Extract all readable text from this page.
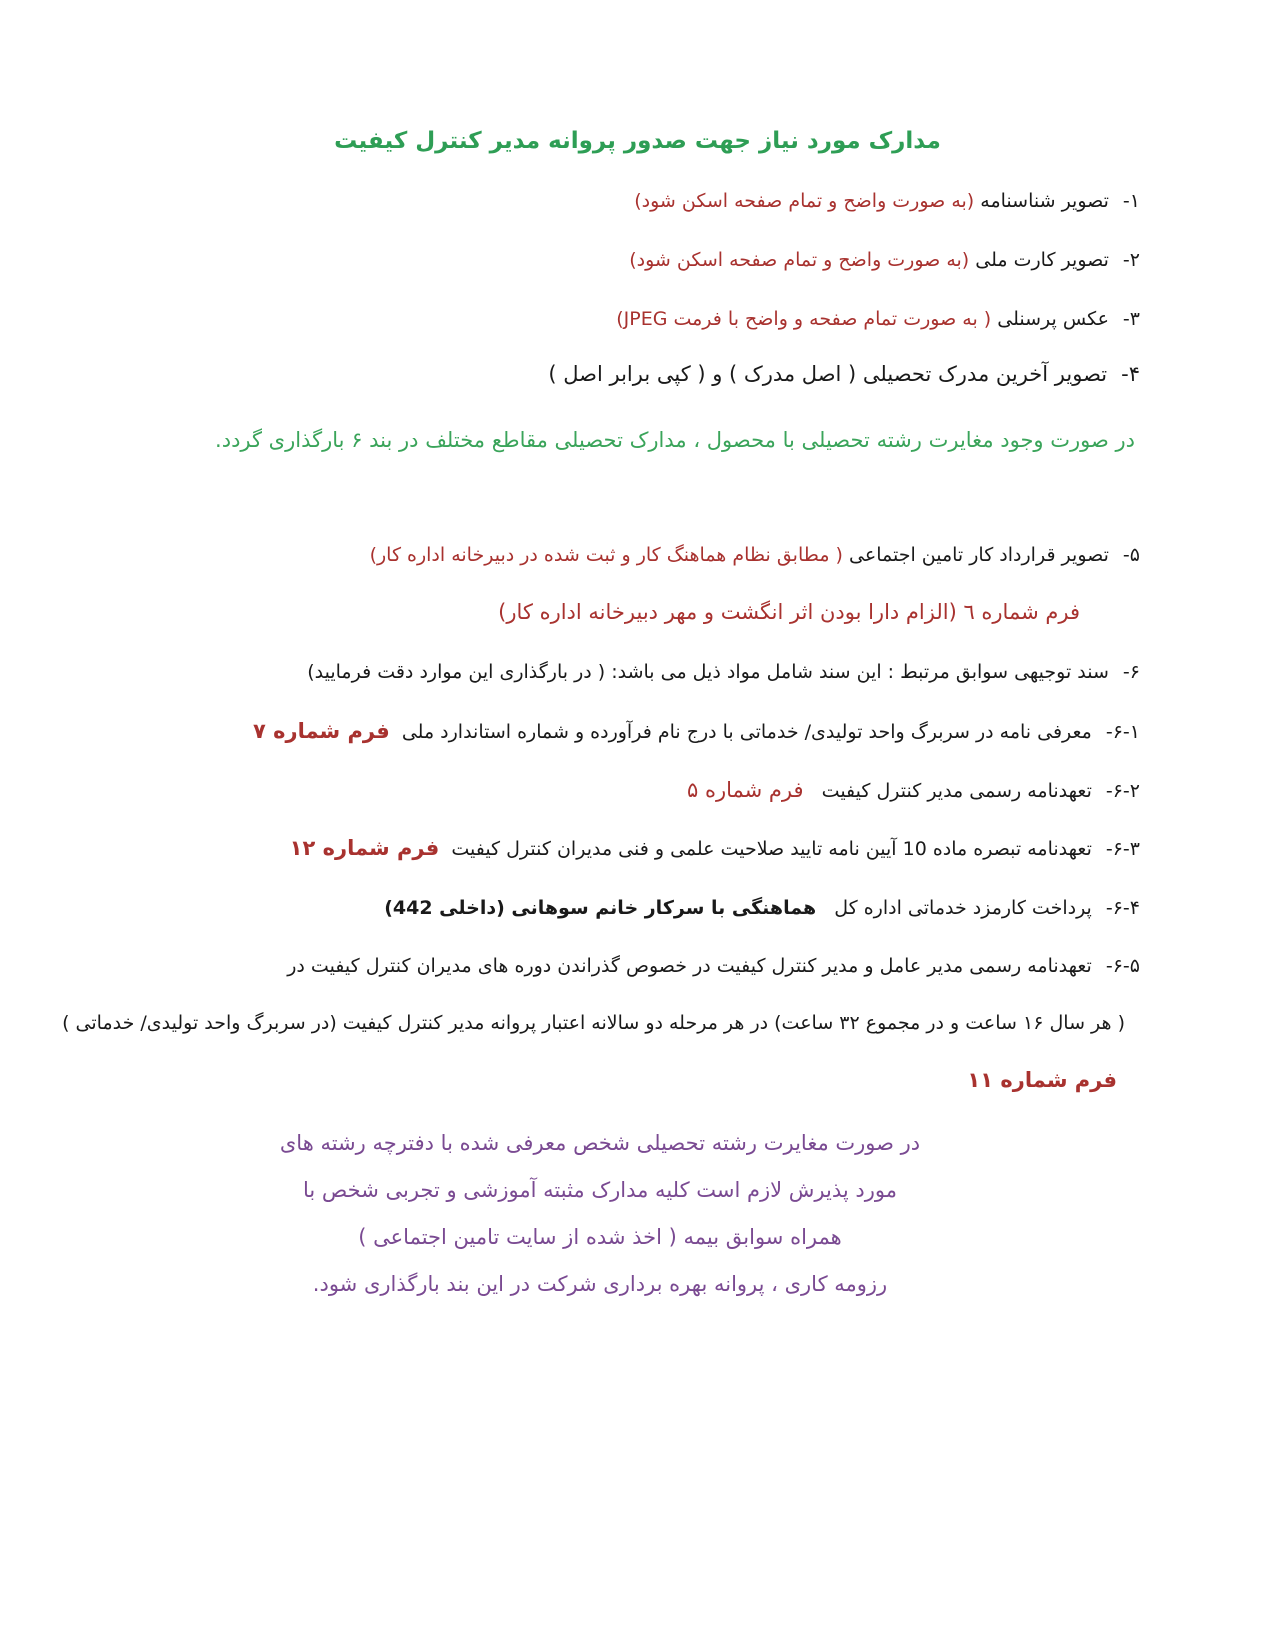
مدارک مورد نیاز جهت صدور پروانه مدیر کنترل کیفیت
۱-تصویر شناسنامه (به صورت واضح و تمام صفحه اسکن شود)
۲-تصویر کارت ملی (به صورت واضح و تمام صفحه اسکن شود)
۳-عکس پرسنلی ( به صورت تمام صفحه و واضح با فرمت JPEG)
۴-تصویر آخرین مدرک تحصیلی ( اصل مدرک ) و ( کپی برابر اصل )
در صورت وجود مغایرت رشته تحصیلی با محصول ، مدارک تحصیلی مقاطع مختلف در بند ۶ بارگذاری گردد.
۵-تصویر قرارداد کار تامین اجتماعی ( مطابق نظام هماهنگ کار و ثبت شده در دبیرخانه اداره کار)
فرم شماره ٦ (الزام دارا بودن اثر انگشت و مهر دبیرخانه اداره کار)
۶-سند توجیهی سوابق مرتبط : این سند شامل مواد ذیل می باشد: ( در بارگذاری این موارد دقت فرمایید)
۶-۱-معرفی نامه در سربرگ واحد تولیدی/ خدماتی با درج نام فرآورده و شماره استاندارد ملی  فرم شماره ۷
۶-۲-تعهدنامه رسمی مدیر کنترل کیفیت   فرم شماره ۵
۶-۳-تعهدنامه تبصره ماده 10 آیین نامه تایید صلاحیت علمی و فنی مدیران کنترل کیفیت  فرم شماره ۱۲
۶-۴-پرداخت کارمزد خدماتی اداره کل   هماهنگی با سرکار خانم سوهانی (داخلی 442)
۶-۵-تعهدنامه رسمی مدیر عامل و مدیر کنترل کیفیت در خصوص گذراندن دوره های مدیران کنترل کیفیت در
( هر سال ۱۶ ساعت و در مجموع ۳۲ ساعت) در هر مرحله دو سالانه اعتبار پروانه مدیر کنترل کیفیت (در سربرگ واحد تولیدی/ خدماتی )
فرم شماره ۱۱
در صورت مغایرت رشته تحصیلی شخص معرفی شده با دفترچه رشته های
مورد پذیرش لازم است کلیه مدارک مثبته آموزشی و تجربی شخص با
همراه سوابق بیمه ( اخذ شده از سایت تامین اجتماعی )
رزومه کاری ، پروانه بهره برداری شرکت در این بند بارگذاری شود.
